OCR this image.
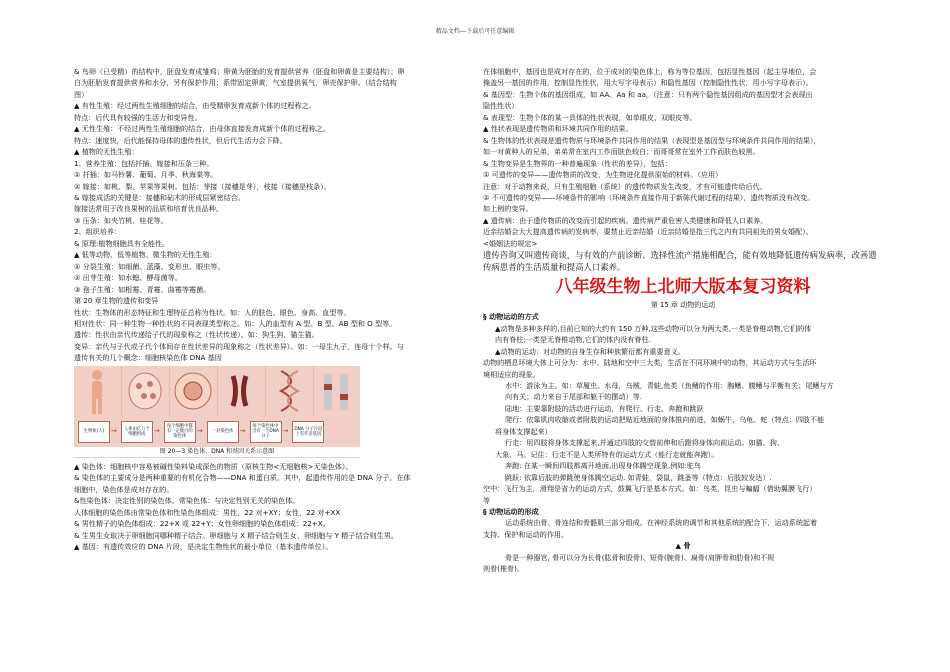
精品文档---下载后可任意编辑
& 鸟卵（已受精）的结构中，胚盘发育成雏鸡；卵黄为胚胎的发育提供营养（胚盘和卵黄是主要结构）；卵
白为胚胎发育提供营养和水分，另有保护作用；系带固定卵黄，气室提供氧气，卵壳保护卵。（结合结构
图）
▲ 有性生殖：经过两性生殖细胞的结合，由受精卵发育成新个体的过程称之。
特点：后代具有较强的生活力和变异性。
▲ 无性生殖：不经过两性生殖细胞的结合，由母体直接发育成新个体的过程称之。
特点：速度快，后代能保持母体的遗传性状，但后代生活力会下降。
▲ 植物的无性生殖：
1、营养生殖：包括扦插、嫁接和压条三种。
① 扦插：如马铃薯、葡萄、月季、秋海棠等。
② 嫁接：如桃、梨、苹果等果树。包括：芽接（接穗是芽），枝接（接穗是枝条）。
& 嫁接成活的关键是：接穗和砧木的形成层紧密结合。
嫁接法常用于改良果树的品质和培育优良品种。
③ 压条：如夹竹桃、桂花等。
2、组织培养：
& 原理:植物细胞具有全能性。
▲ 低等动物、低等植物、微生物的无性生殖：
① 分裂生殖：如细菌、蓝藻、变形虫、眼虫等。
② 出芽生殖：如水螅、酵母菌等。
③ 孢子生殖：如根霉、青霉、曲霉等霉菌。
第 20 章生物的遗传和变异
性状：生物体的形态特征和生理特征总称为性状。如：人的肤色、眼色、身高、血型等。
相对性状：同一种生物一种性状的不同表现类型称之。如：人的血型有 A 型、B 型、AB 型和 O 型等。
遗传：性状由亲代传递给子代的现象称之（性状传递）。如：狗生狗，猫生猫。
变异：亲代与子代或子代个体间存在性状差异的现象称之（性状差异）。如：一母生九子，连母十个样。与
遗传有关的几个概念：细胞核染色体 DNA 基因
生物体(人) →	人体由亿万个细胞组成	→
每个细胞中都有一定数目的染色体
→	一对染色体 →
每个染色体中含有一个DNA分子
→	DNA 分子片段上有许多基因
图 20—3 染色体、DNA 和基因关系示意图
▲ 染色体：细胞核中容易被碱性染料染成深色的物质（原核生物<无细胞核>无染色体）。
& 染色体的主要成分是两种重要的有机化合物——DNA 和蛋白质。其中，起遗传作用的是 DNA 分子。在体
细胞中，染色体是成对存在的。
&性染色体：决定性别的染色体。常染色体：与决定性别无关的染色体。
人体细胞的染色体由常染色体和性染色体组成：男性，22 对+XY；女性，22 对+XX
& 男性精子的染色体组成：22+X 或 22+Y；女性卵细胞的染色体组成：22+X。
& 生男生女取决于卵细胞同哪种精子结合。卵细胞与 X 精子结合则生女，卵细胞与 Y 精子结合则生男。
▲ 基因：有遗传效应的 DNA 片段，是决定生物性状的最小单位（基本遗传单位）。
在体细胞中，基因也是成对存在的，位于成对的染色体上，称为等位基因，包括显性基因（起主导地位，会
掩盖另一基因的作用，控制显性性状，用大写字母表示）和隐性基因（控制隐性性状，用小写字母表示）。
& 基因型：生物个体的基因组成，如 AA、Aa 和 aa。（注意：只有两个隐性基因组成的基因型才会表现出
隐性性状）
& 表现型：生物个体的某一具体的性状表现，如单眼皮、双眼皮等。
▲ 性状表现是遗传物质和环境共同作用的结果。
& 生物体的性状表现是遗传物质与环境条件共同作用的结果（表现型是基因型与环境条件共同作用的结果），
如一对黄种人的兄弟，弟弟常在室内工作而肤色较白；而哥哥常在室外工作而肤色较黑。
& 生物变异是生物界的一种普遍现象（性状的差异），包括：
① 可遗传的变异——遗传物质的改变，为生物进化提供原始的材料。（应用）
注意：对于动物来说，只有生殖细胞（系统）的遗传物质发生改变，才有可能遗传给后代。
② 不可遗传的变异——环境条件的影响（环境条件直接作用于新陈代谢过程的结果），遗传物质没有改变。
如上例的变异。
▲ 遗传病：由于遗传物质的改变而引起的疾病。遗传病严重危害人类健康和降低人口素养。
近亲结婚会大大提高遗传病的发病率，要禁止近亲结婚（近亲结婚是指三代之内有共同祖先的男女婚配）。
<婚姻法的规定>
遗传咨询又叫遗传商谈，与有效的产前诊断、选择性流产措施相配合，能有效地降低遗传病发病率，改善遗传病患者的生活质量和提高人口素养。
八年级生物上北师大版本复习资料
第 15 章 动物的运动
§ 动物运动的方式
▲动物是多种多样的,目前已知的大约有 150 万种,这些动物可以分为两大类,一类是脊椎动物,它们的体
内有脊柱;一类是无脊椎动物,它们的体内没有脊柱.
▲动物的运动：对动物的自身生存和种族繁衍都有重要意义。
动物的栖息环境大体上可分为：水中、陆地和空中三大类，生活在不同环境中的动物，其运动方式与生活环
境相适应的现象。
水中：游泳为主。如：草履虫、水母，乌贼，青蛙,鱼类（鱼鳍的作用：胸鳍、腹鳍与平衡有关；尾鳍与方
向有关；动力来自于尾部和躯干的摆动）等.
陆地：主要靠附肢的活动进行运动，有爬行、行走、奔跑和跳跃
爬行：依靠肌肉收缩或者附肢的运动把贴近地面的身体推向前进，如蜗牛、乌龟、蛇（特点：四肢不能
将身体支撑起来）
行走：用四肢将身体支撑起来,并通过四肢的交替前伸和后蹬将身体向前运动。如猫、狗、
大象、马。记住：行走不是人类所特有的运动方式（能行走就能奔跑）。
奔跑: 在某一瞬间四肢都离开地面,出现身体腾空现象.例如:驼鸟
跳跃: 依靠后肢的弹跳使身体腾空运动. 如青蛙，袋鼠，跳蚤等（特点：后肢较发达）.
空中：飞行为主，滑翔是省力的运动方式，鼓翼飞行是基本方式。如：鸟类，昆虫与蝙蝠（借助翼膜飞行）
等
§ 动物运动的形成
运动系统由骨、骨连结和骨骼肌三部分组成。在神经系统的调节和其他系统的配合下，运动系统起着
支持、保护和运动的作用。
▲ 骨
骨是一种器官, 骨可以分为长骨(肱骨和股骨)、短骨(腕骨)、扁骨(肩胛骨和肋骨)和不规
则骨(椎骨)。
